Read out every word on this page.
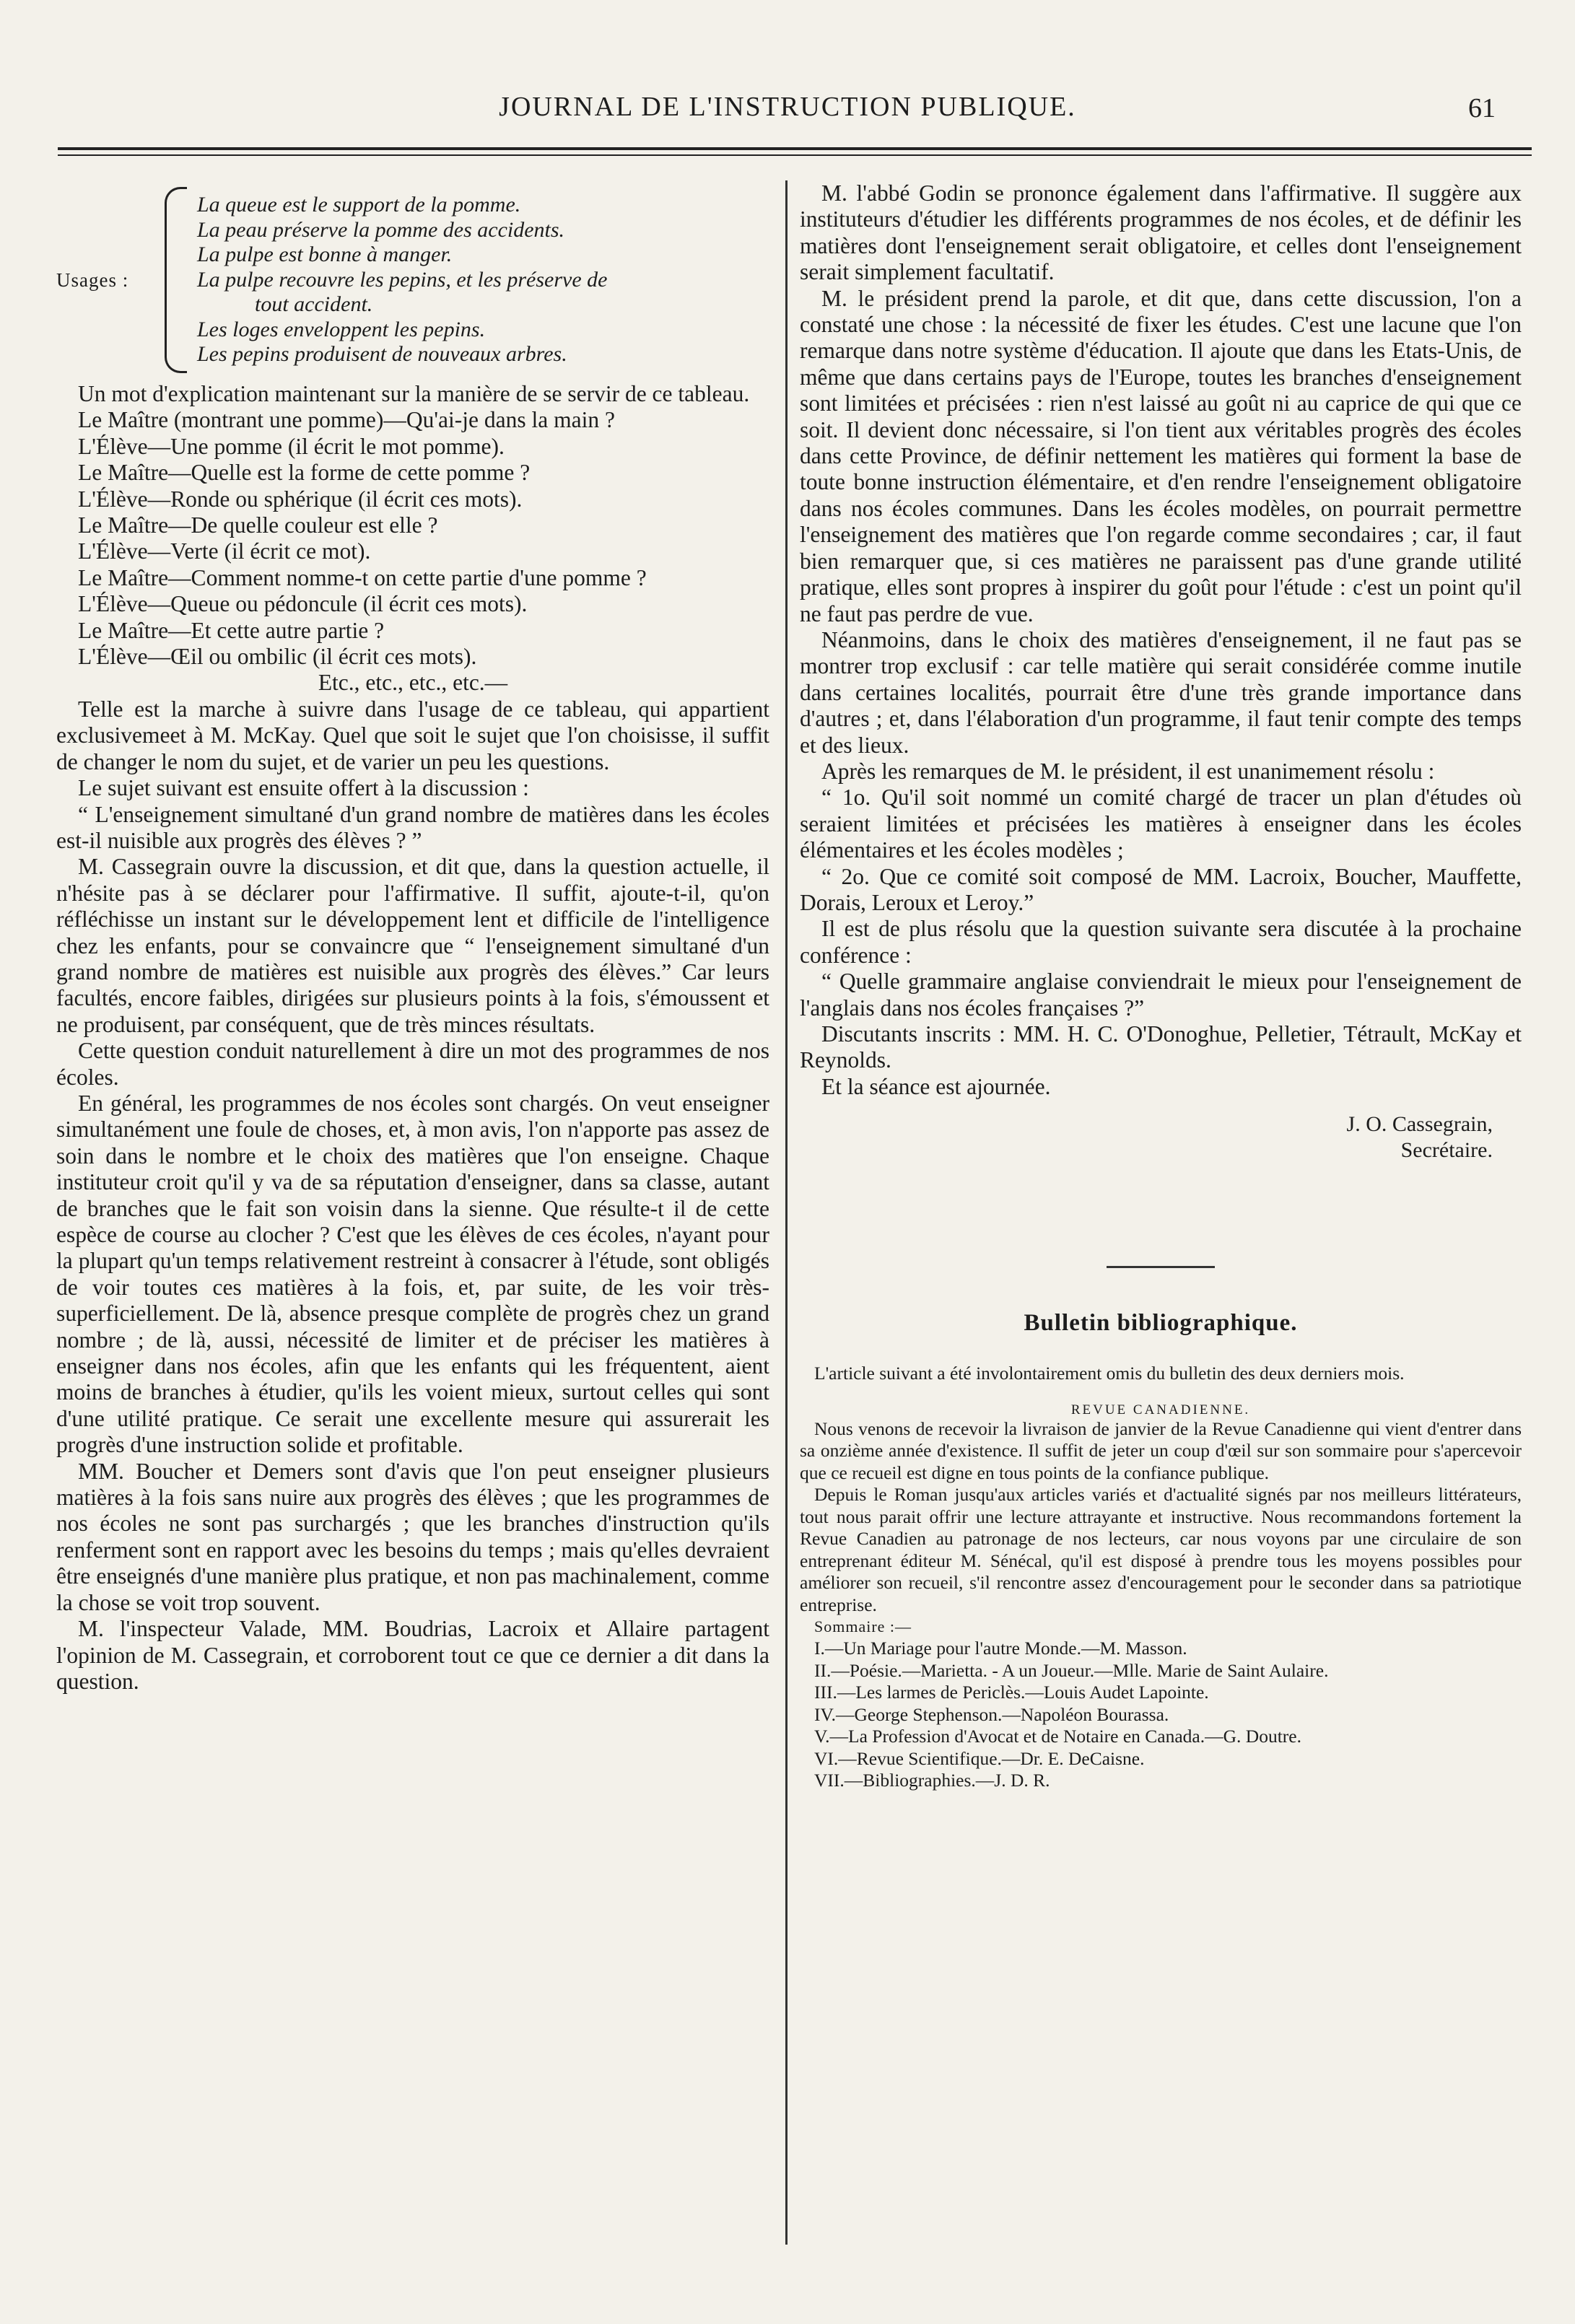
JOURNAL DE L'INSTRUCTION PUBLIQUE.	61
Usages :
La queue est le support de la pomme.
La peau préserve la pomme des accidents.
La pulpe est bonne à manger.
La pulpe recouvre les pepins, et les préserve de
tout accident.
Les loges enveloppent les pepins.
Les pepins produisent de nouveaux arbres.

Un mot d'explication maintenant sur la manière de se servir de ce tableau.

Le Maître (montrant une pomme)—Qu'ai-je dans la main ?

L'Élève—Une pomme (il écrit le mot pomme).

Le Maître—Quelle est la forme de cette pomme ?

L'Élève—Ronde ou sphérique (il écrit ces mots).

Le Maître—De quelle couleur est elle ?

L'Élève—Verte (il écrit ce mot).

Le Maître—Comment nomme-t on cette partie d'une pomme ?

L'Élève—Queue ou pédoncule (il écrit ces mots).

Le Maître—Et cette autre partie ?

L'Élève—Œil ou ombilic (il écrit ces mots).

Etc., etc., etc., etc.—

Telle est la marche à suivre dans l'usage de ce tableau, qui appartient exclusivemeet à M. McKay. Quel que soit le sujet que l'on choisisse, il suffit de changer le nom du sujet, et de varier un peu les questions.

Le sujet suivant est ensuite offert à la discussion :

“ L'enseignement simultané d'un grand nombre de matières dans les écoles est-il nuisible aux progrès des élèves ? ”

M. Cassegrain ouvre la discussion, et dit que, dans la question actuelle, il n'hésite pas à se déclarer pour l'affirmative. Il suffit, ajoute-t-il, qu'on réfléchisse un instant sur le développement lent et difficile de l'intelligence chez les enfants, pour se convaincre que “ l'enseignement simultané d'un grand nombre de matières est nuisible aux progrès des élèves.” Car leurs facultés, encore faibles, dirigées sur plusieurs points à la fois, s'émoussent et ne produisent, par conséquent, que de très minces résultats.

Cette question conduit naturellement à dire un mot des programmes de nos écoles.

En général, les programmes de nos écoles sont chargés. On veut enseigner simultanément une foule de choses, et, à mon avis, l'on n'apporte pas assez de soin dans le nombre et le choix des matières que l'on enseigne. Chaque instituteur croit qu'il y va de sa réputation d'enseigner, dans sa classe, autant de branches que le fait son voisin dans la sienne. Que résulte-t il de cette espèce de course au clocher ? C'est que les élèves de ces écoles, n'ayant pour la plupart qu'un temps relativement restreint à consacrer à l'étude, sont obligés de voir toutes ces matières à la fois, et, par suite, de les voir très-superficiellement. De là, absence presque complète de progrès chez un grand nombre ; de là, aussi, nécessité de limiter et de préciser les matières à enseigner dans nos écoles, afin que les enfants qui les fréquentent, aient moins de branches à étudier, qu'ils les voient mieux, surtout celles qui sont d'une utilité pratique. Ce serait une excellente mesure qui assurerait les progrès d'une instruction solide et profitable.

MM. Boucher et Demers sont d'avis que l'on peut enseigner plusieurs matières à la fois sans nuire aux progrès des élèves ; que les programmes de nos écoles ne sont pas surchargés ; que les branches d'instruction qu'ils renferment sont en rapport avec les besoins du temps ; mais qu'elles devraient être enseignés d'une manière plus pratique, et non pas machinalement, comme la chose se voit trop souvent.

M. l'inspecteur Valade, MM. Boudrias, Lacroix et Allaire partagent l'opinion de M. Cassegrain, et corroborent tout ce que ce dernier a dit dans la question.

M. l'abbé Godin se prononce également dans l'affirmative. Il suggère aux instituteurs d'étudier les différents programmes de nos écoles, et de définir les matières dont l'enseignement serait obligatoire, et celles dont l'enseignement serait simplement facultatif.

M. le président prend la parole, et dit que, dans cette discussion, l'on a constaté une chose : la nécessité de fixer les études. C'est une lacune que l'on remarque dans notre système d'éducation. Il ajoute que dans les Etats-Unis, de même que dans certains pays de l'Europe, toutes les branches d'enseignement sont limitées et précisées : rien n'est laissé au goût ni au caprice de qui que ce soit. Il devient donc nécessaire, si l'on tient aux véritables progrès des écoles dans cette Province, de définir nettement les matières qui forment la base de toute bonne instruction élémentaire, et d'en rendre l'enseignement obligatoire dans nos écoles communes. Dans les écoles modèles, on pourrait permettre l'enseignement des matières que l'on regarde comme secondaires ; car, il faut bien remarquer que, si ces matières ne paraissent pas d'une grande utilité pratique, elles sont propres à inspirer du goût pour l'étude : c'est un point qu'il ne faut pas perdre de vue.

Néanmoins, dans le choix des matières d'enseignement, il ne faut pas se montrer trop exclusif : car telle matière qui serait considérée comme inutile dans certaines localités, pourrait être d'une très grande importance dans d'autres ; et, dans l'élaboration d'un programme, il faut tenir compte des temps et des lieux.

Après les remarques de M. le président, il est unanimement résolu :

“ 1o. Qu'il soit nommé un comité chargé de tracer un plan d'études où seraient limitées et précisées les matières à enseigner dans les écoles élémentaires et les écoles modèles ;

“ 2o. Que ce comité soit composé de MM. Lacroix, Boucher, Mauffette, Dorais, Leroux et Leroy.”

Il est de plus résolu que la question suivante sera discutée à la prochaine conférence :

“ Quelle grammaire anglaise conviendrait le mieux pour l'enseignement de l'anglais dans nos écoles françaises ?”

Discutants inscrits : MM. H. C. O'Donoghue, Pelletier, Tétrault, McKay et Reynolds.

Et la séance est ajournée.

J. O. Cassegrain,
Secrétaire.
Bulletin bibliographique.
L'article suivant a été involontairement omis du bulletin des deux derniers mois.
REVUE CANADIENNE.

Nous venons de recevoir la livraison de janvier de la Revue Canadienne qui vient d'entrer dans sa onzième année d'existence. Il suffit de jeter un coup d'œil sur son sommaire pour s'apercevoir que ce recueil est digne en tous points de la confiance publique.

Depuis le Roman jusqu'aux articles variés et d'actualité signés par nos meilleurs littérateurs, tout nous parait offrir une lecture attrayante et instructive. Nous recommandons fortement la Revue Canadien au patronage de nos lecteurs, car nous voyons par une circulaire de son entreprenant éditeur M. Sénécal, qu'il est disposé à prendre tous les moyens possibles pour améliorer son recueil, s'il rencontre assez d'encouragement pour le seconder dans sa patriotique entreprise.

Sommaire :—
I.—Un Mariage pour l'autre Monde.—M. Masson.
II.—Poésie.—Marietta. - A un Joueur.—Mlle. Marie de Saint Aulaire.
III.—Les larmes de Periclès.—Louis Audet Lapointe.
IV.—George Stephenson.—Napoléon Bourassa.
V.—La Profession d'Avocat et de Notaire en Canada.—G. Doutre.
VI.—Revue Scientifique.—Dr. E. DeCaisne.
VII.—Bibliographies.—J. D. R.
